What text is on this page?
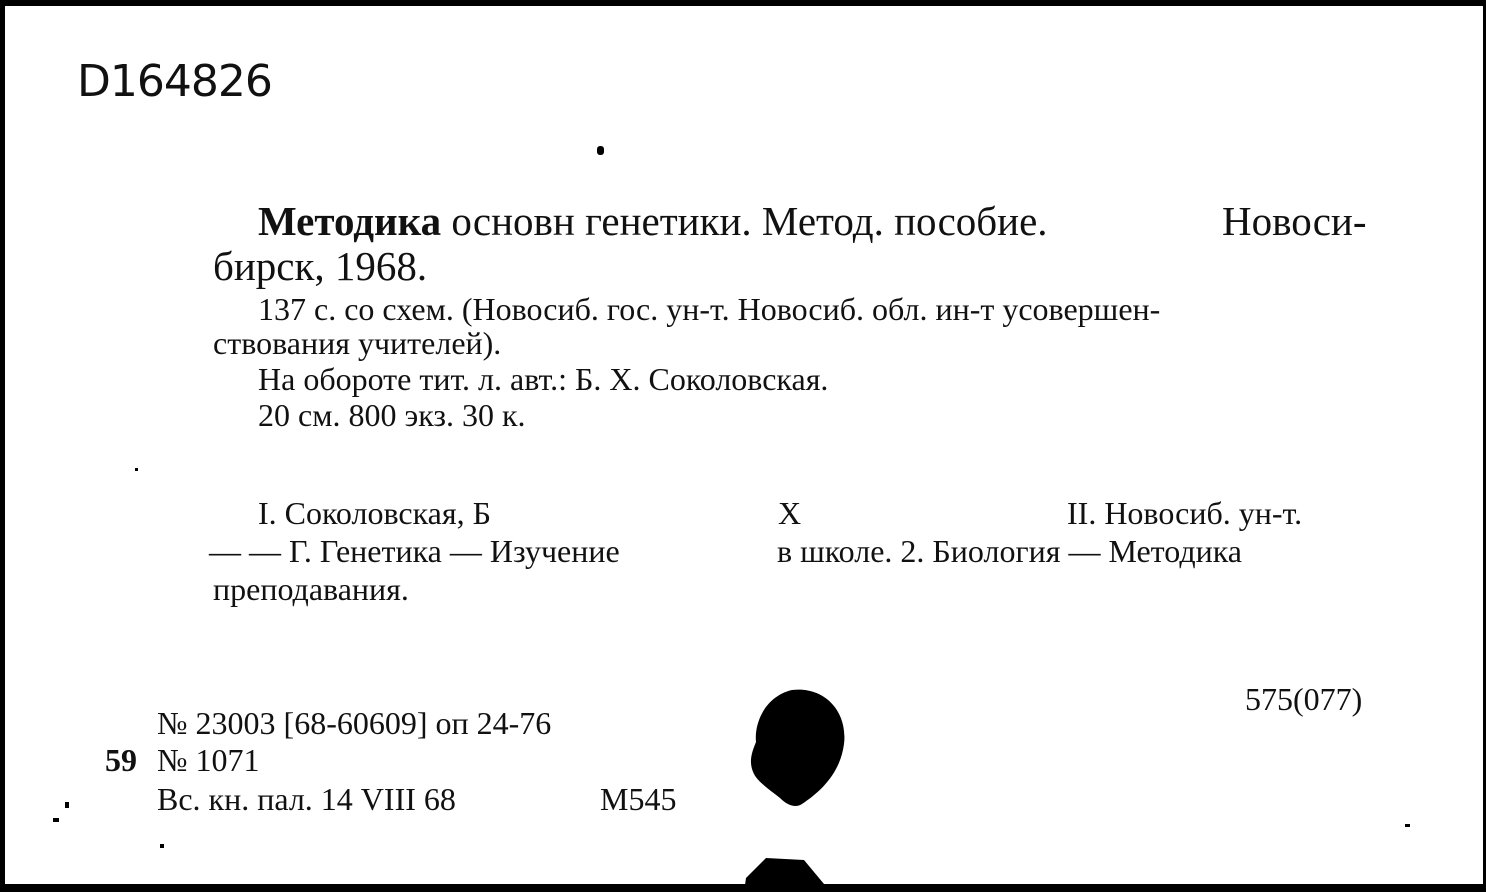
D164826
Методика основн генетики. Метод. пособие.	Новоси-
бирск, 1968.
137 с. со схем. (Новосиб. гос. ун-т. Новосиб. обл. ин-т усовершен-
ствования учителей).
На обороте тит. л. авт.: Б. Х. Соколовская.
20 см. 800 экз. 30 к.
I. Соколовская, Б	Х	II. Новосиб. ун-т.
— — Г. Генетика — Изучение	в школе. 2. Биология — Методика
преподавания.
575(077)
№ 23003 [68-60609] оп 24-76
59 № 1071
Вс. кн. пал. 14 VIII 68	М545
